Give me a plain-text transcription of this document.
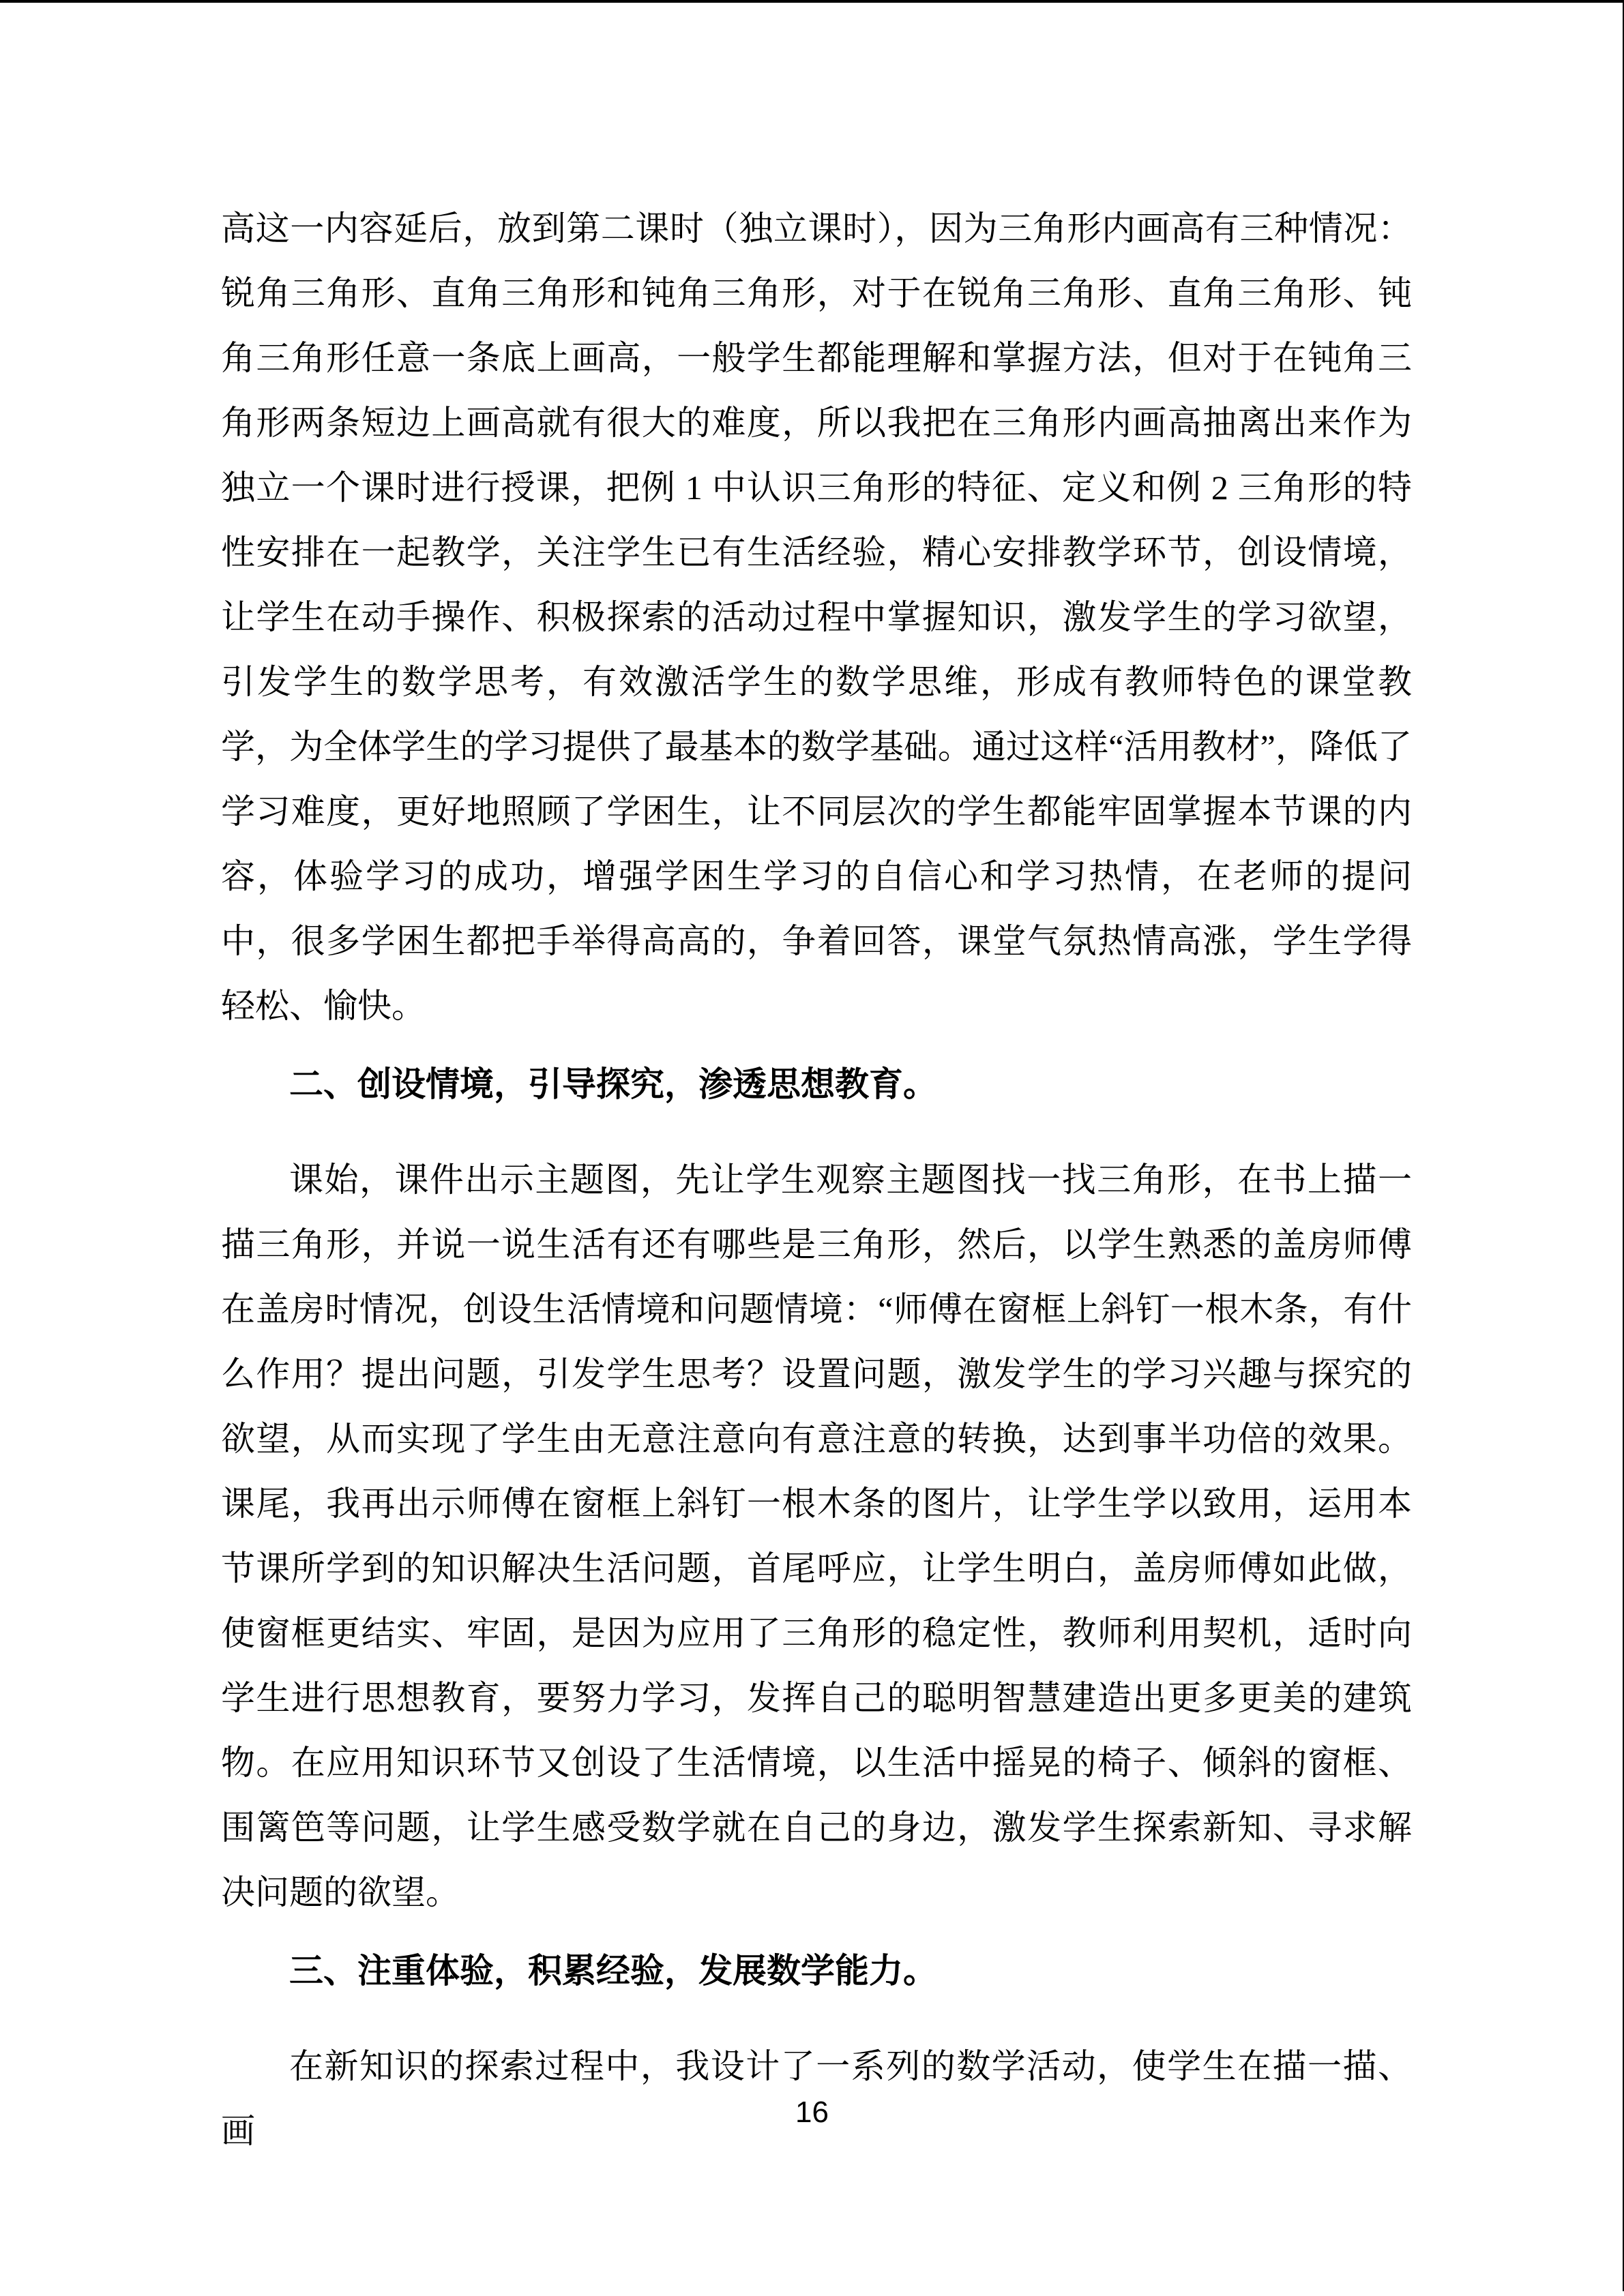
高这一内容延后，放到第二课时（独立课时），因为三角形内画高有三种情况：锐角三角形、直角三角形和钝角三角形，对于在锐角三角形、直角三角形、钝角三角形任意一条底上画高，一般学生都能理解和掌握方法，但对于在钝角三角形两条短边上画高就有很大的难度，所以我把在三角形内画高抽离出来作为独立一个课时进行授课，把例 1 中认识三角形的特征、定义和例 2 三角形的特性安排在一起教学，关注学生已有生活经验，精心安排教学环节，创设情境，让学生在动手操作、积极探索的活动过程中掌握知识，激发学生的学习欲望，引发学生的数学思考，有效激活学生的数学思维，形成有教师特色的课堂教学，为全体学生的学习提供了最基本的数学基础。通过这样“活用教材”，降低了学习难度，更好地照顾了学困生，让不同层次的学生都能牢固掌握本节课的内容，体验学习的成功，增强学困生学习的自信心和学习热情，在老师的提问中，很多学困生都把手举得高高的，争着回答，课堂气氛热情高涨，学生学得轻松、愉快。

二、创设情境，引导探究，渗透思想教育。

课始，课件出示主题图，先让学生观察主题图找一找三角形，在书上描一描三角形，并说一说生活有还有哪些是三角形，然后，以学生熟悉的盖房师傅在盖房时情况，创设生活情境和问题情境：“师傅在窗框上斜钉一根木条，有什么作用？提出问题，引发学生思考？设置问题，激发学生的学习兴趣与探究的欲望，从而实现了学生由无意注意向有意注意的转换，达到事半功倍的效果。课尾，我再出示师傅在窗框上斜钉一根木条的图片，让学生学以致用，运用本节课所学到的知识解决生活问题，首尾呼应，让学生明白，盖房师傅如此做，使窗框更结实、牢固，是因为应用了三角形的稳定性，教师利用契机，适时向学生进行思想教育，要努力学习，发挥自己的聪明智慧建造出更多更美的建筑物。在应用知识环节又创设了生活情境，以生活中摇晃的椅子、倾斜的窗框、围篱笆等问题，让学生感受数学就在自己的身边，激发学生探索新知、寻求解决问题的欲望。

三、注重体验，积累经验，发展数学能力。

在新知识的探索过程中，我设计了一系列的数学活动，使学生在描一描、画	16
